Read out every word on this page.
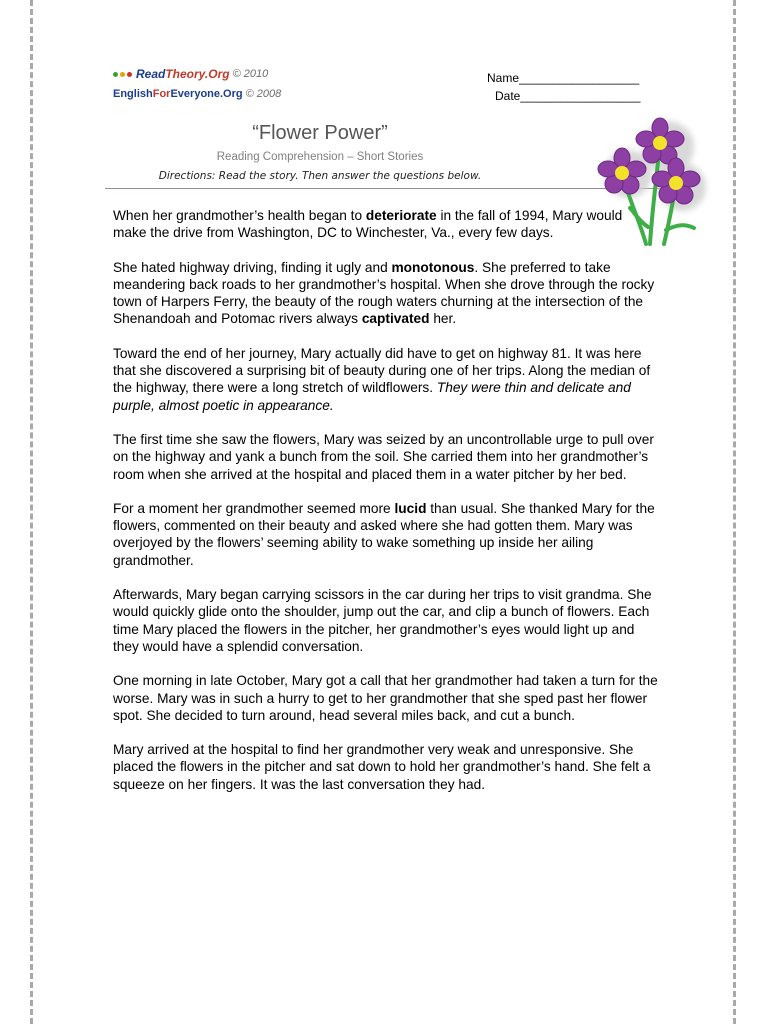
ReadTheory.Org © 2010
EnglishForEveryone.Org © 2008
Name__________________
Date__________________
“Flower Power”
Reading Comprehension – Short Stories
Directions: Read the story. Then answer the questions below.

When her grandmother’s health began to deteriorate in the fall of 1994, Mary would make the drive from Washington, DC to Winchester, Va., every few days.

She hated highway driving, finding it ugly and monotonous. She preferred to take meandering back roads to her grandmother’s hospital. When she drove through the rocky town of Harpers Ferry, the beauty of the rough waters churning at the intersection of the Shenandoah and Potomac rivers always captivated her.

Toward the end of her journey, Mary actually did have to get on highway 81. It was here that she discovered a surprising bit of beauty during one of her trips. Along the median of the highway, there were a long stretch of wildflowers. They were thin and delicate and purple, almost poetic in appearance.

The first time she saw the flowers, Mary was seized by an uncontrollable urge to pull over on the highway and yank a bunch from the soil. She carried them into her grandmother’s room when she arrived at the hospital and placed them in a water pitcher by her bed.

For a moment her grandmother seemed more lucid than usual. She thanked Mary for the flowers, commented on their beauty and asked where she had gotten them. Mary was overjoyed by the flowers’ seeming ability to wake something up inside her ailing grandmother.

Afterwards, Mary began carrying scissors in the car during her trips to visit grandma. She would quickly glide onto the shoulder, jump out the car, and clip a bunch of flowers. Each time Mary placed the flowers in the pitcher, her grandmother’s eyes would light up and they would have a splendid conversation.

One morning in late October, Mary got a call that her grandmother had taken a turn for the worse. Mary was in such a hurry to get to her grandmother that she sped past her flower spot. She decided to turn around, head several miles back, and cut a bunch.

Mary arrived at the hospital to find her grandmother very weak and unresponsive. She placed the flowers in the pitcher and sat down to hold her grandmother’s hand. She felt a squeeze on her fingers. It was the last conversation they had.
